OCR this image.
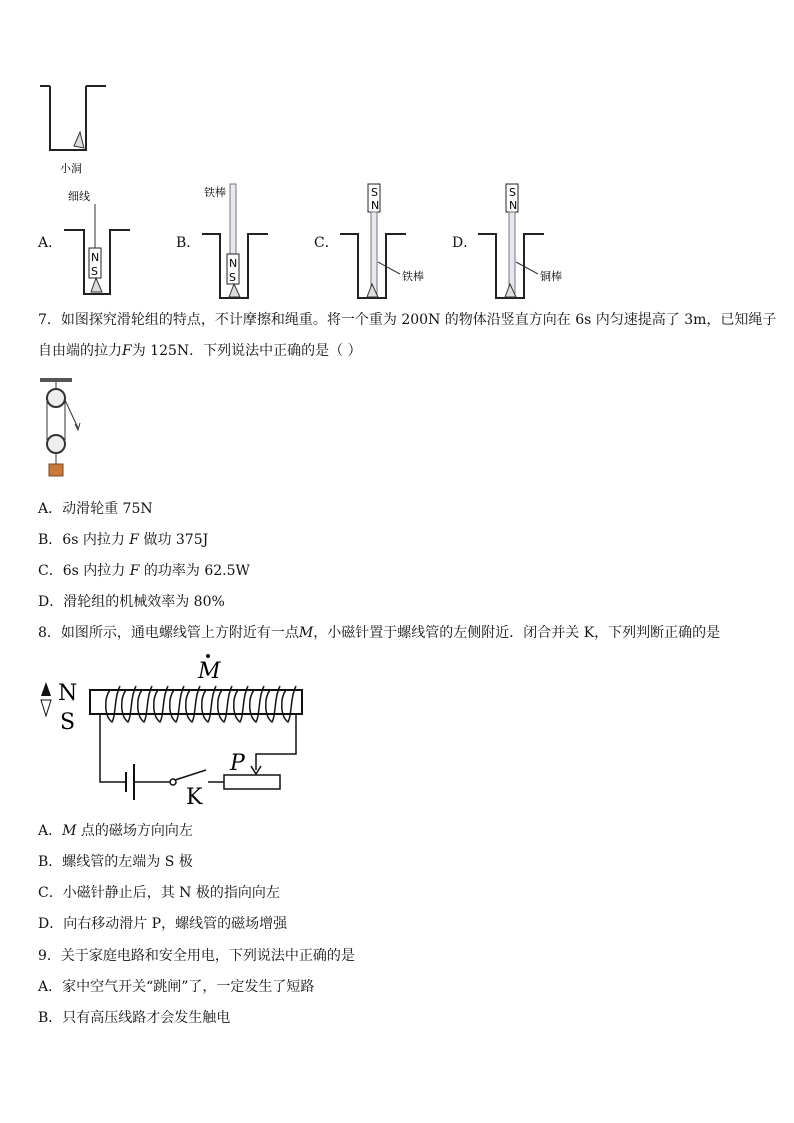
小洞
A．
细线
N
S
B．
铁棒
N
S
C．
S
N
铁棒
D．
S
N
铜棒
7．如图探究滑轮组的特点，不计摩擦和绳重。将一个重为 200N 的物体沿竖直方向在 6s 内匀速提高了 3m，已知绳子
自由端的拉力F为 125N．下列说法中正确的是（ ）
A．动滑轮重 75N
B．6s 内拉力 F 做功 375J
C．6s 内拉力 F 的功率为 62.5W
D．滑轮组的机械效率为 80%
8．如图所示，通电螺线管上方附近有一点M，小磁针置于螺线管的左侧附近．闭合并关 K，下列判断正确的是
N
S
M
K
P
A．M 点的磁场方向向左
B．螺线管的左端为 S 极
C．小磁针静止后，其 N 极的指向向左
D．向右移动滑片 P，螺线管的磁场增强
9．关于家庭电路和安全用电，下列说法中正确的是
A．家中空气开关“跳闸”了，一定发生了短路
B．只有高压线路才会发生触电
